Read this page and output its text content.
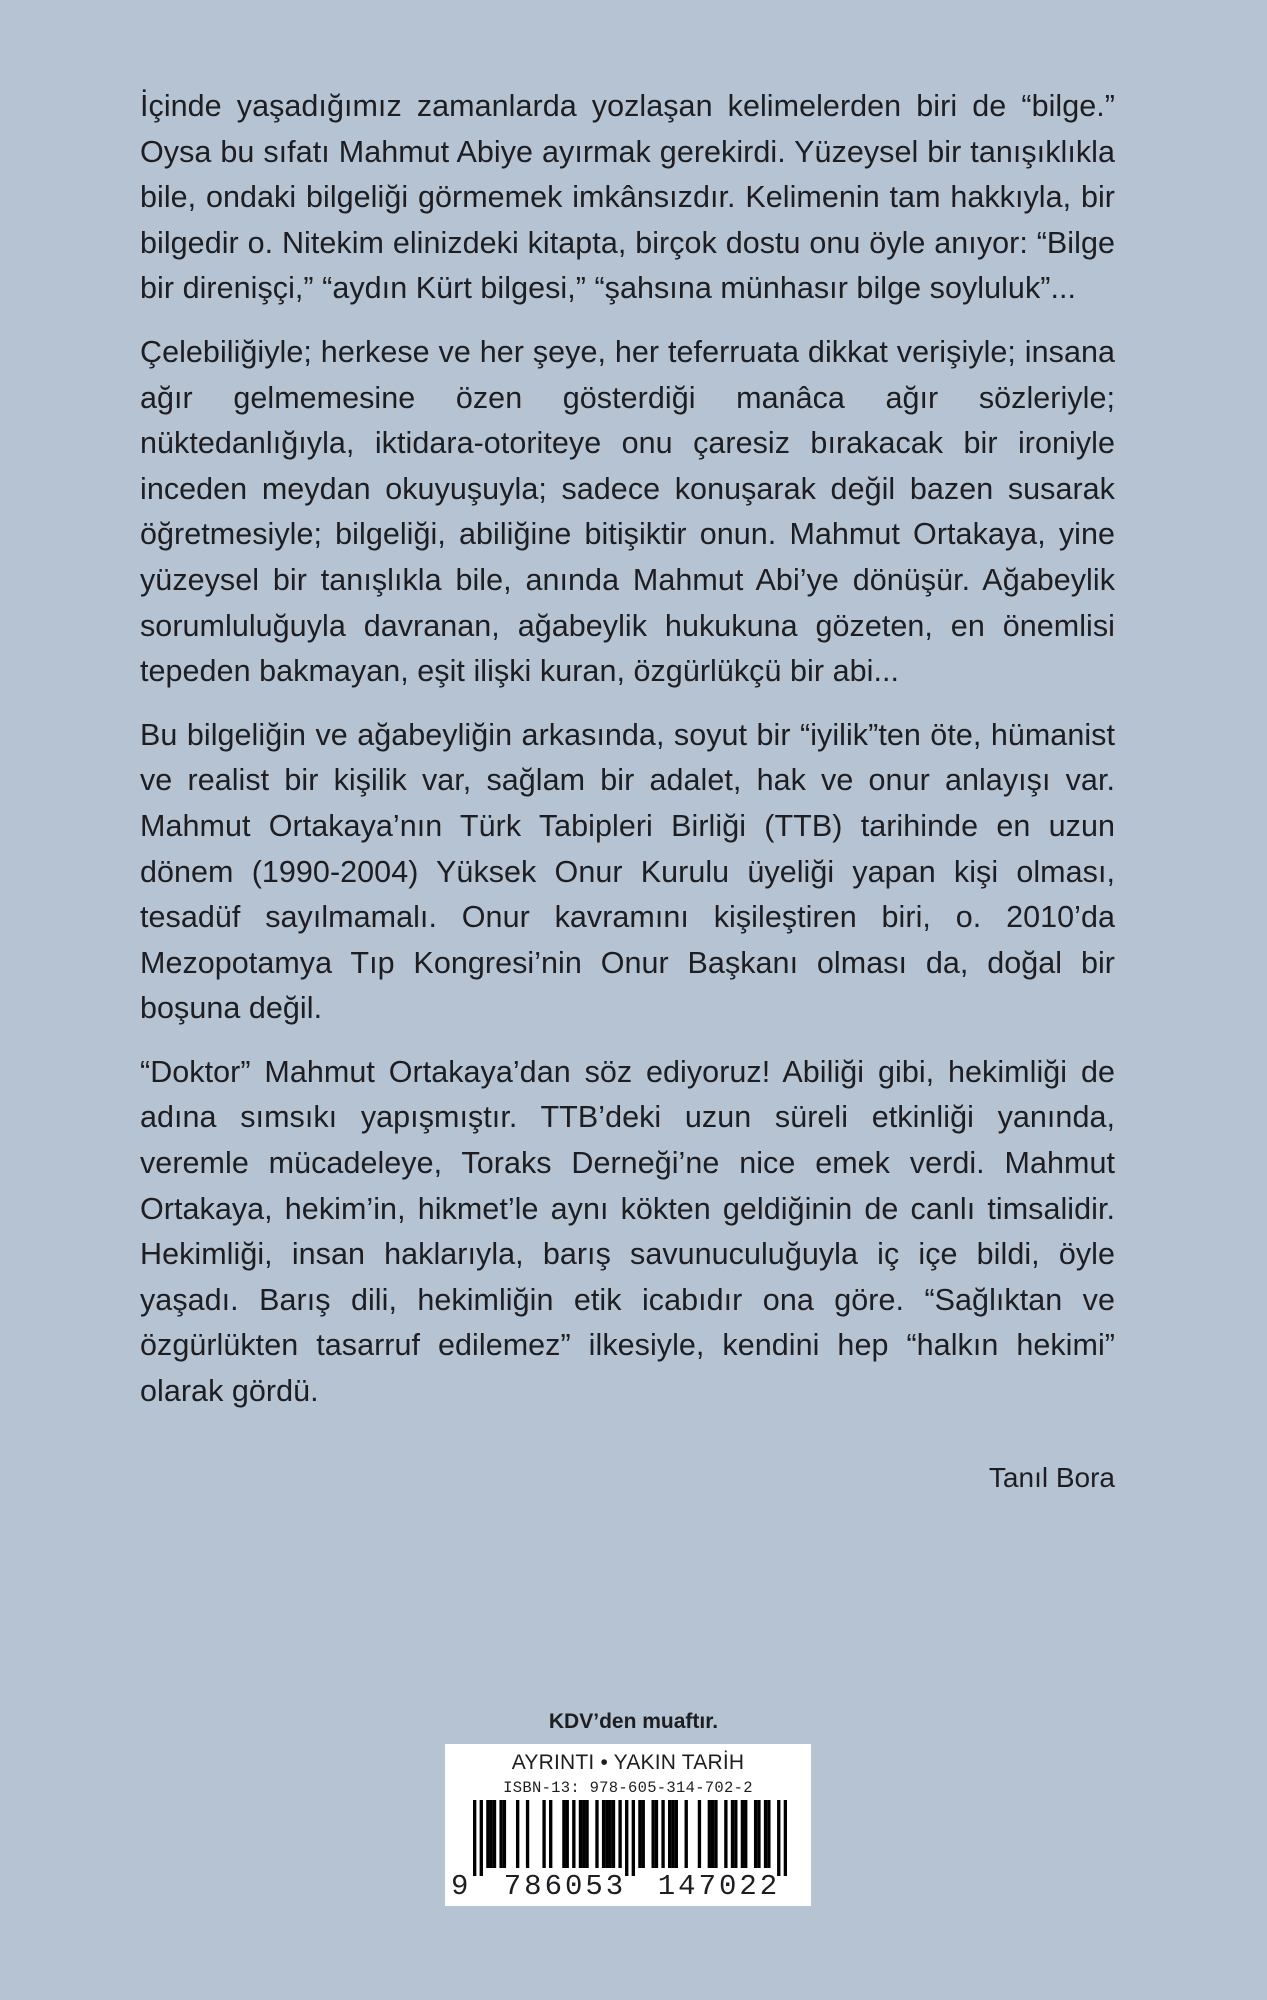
İçinde yaşadığımız zamanlarda yozlaşan kelimelerden biri de “bilge.” Oysa bu sıfatı Mahmut Abiye ayırmak gerekirdi. Yüzeysel bir tanışıklıkla bile, ondaki bilgeliği görmemek imkânsızdır. Kelimenin tam hakkıyla, bir bilgedir o. Nitekim elinizdeki kitapta, birçok dostu onu öyle anıyor: “Bilge bir direnişçi,” “aydın Kürt bilgesi,” “şahsına münhasır bilge soyluluk”...

Çelebiliğiyle; herkese ve her şeye, her teferruata dikkat verişiyle; insana ağır gelmemesine özen gösterdiği manâca ağır sözleriyle; nüktedanlığıyla, iktidara-otoriteye onu çaresiz bırakacak bir ironiyle inceden meydan okuyuşuyla; sadece konuşarak değil bazen susarak öğretmesiyle; bilgeliği, abiliğine bitişiktir onun. Mahmut Ortakaya, yine yüzeysel bir tanışlıkla bile, anında Mahmut Abi’ye dönüşür. Ağabeylik sorumluluğuyla davranan, ağabeylik hukukuna gözeten, en önemlisi tepeden bakmayan, eşit ilişki kuran, özgürlükçü bir abi...

Bu bilgeliğin ve ağabeyliğin arkasında, soyut bir “iyilik”ten öte, hümanist ve realist bir kişilik var, sağlam bir adalet, hak ve onur anlayışı var. Mahmut Ortakaya’nın Türk Tabipleri Birliği (TTB) tarihinde en uzun dönem (1990-2004) Yüksek Onur Kurulu üyeliği yapan kişi olması, tesadüf sayılmamalı. Onur kavramını kişileştiren biri, o. 2010’da Mezopotamya Tıp Kongresi’nin Onur Başkanı olması da, doğal bir boşuna değil.

“Doktor” Mahmut Ortakaya’dan söz ediyoruz! Abiliği gibi, hekimliği de adına sımsıkı yapışmıştır. TTB’deki uzun süreli etkinliği yanında, veremle mücadeleye, Toraks Derneği’ne nice emek verdi. Mahmut Ortakaya, hekim’in, hikmet’le aynı kökten geldiğinin de canlı timsalidir. Hekimliği, insan haklarıyla, barış savunuculuğuyla iç içe bildi, öyle yaşadı. Barış dili, hekimliğin etik icabıdır ona göre. “Sağlıktan ve özgürlükten tasarruf edilemez” ilkesiyle, kendini hep “halkın hekimi” olarak gördü.

Tanıl Bora

KDV’den muaftır.

AYRINTI • YAKIN TARİH

ISBN-13: 978-605-314-702-2

9	786053	147022
